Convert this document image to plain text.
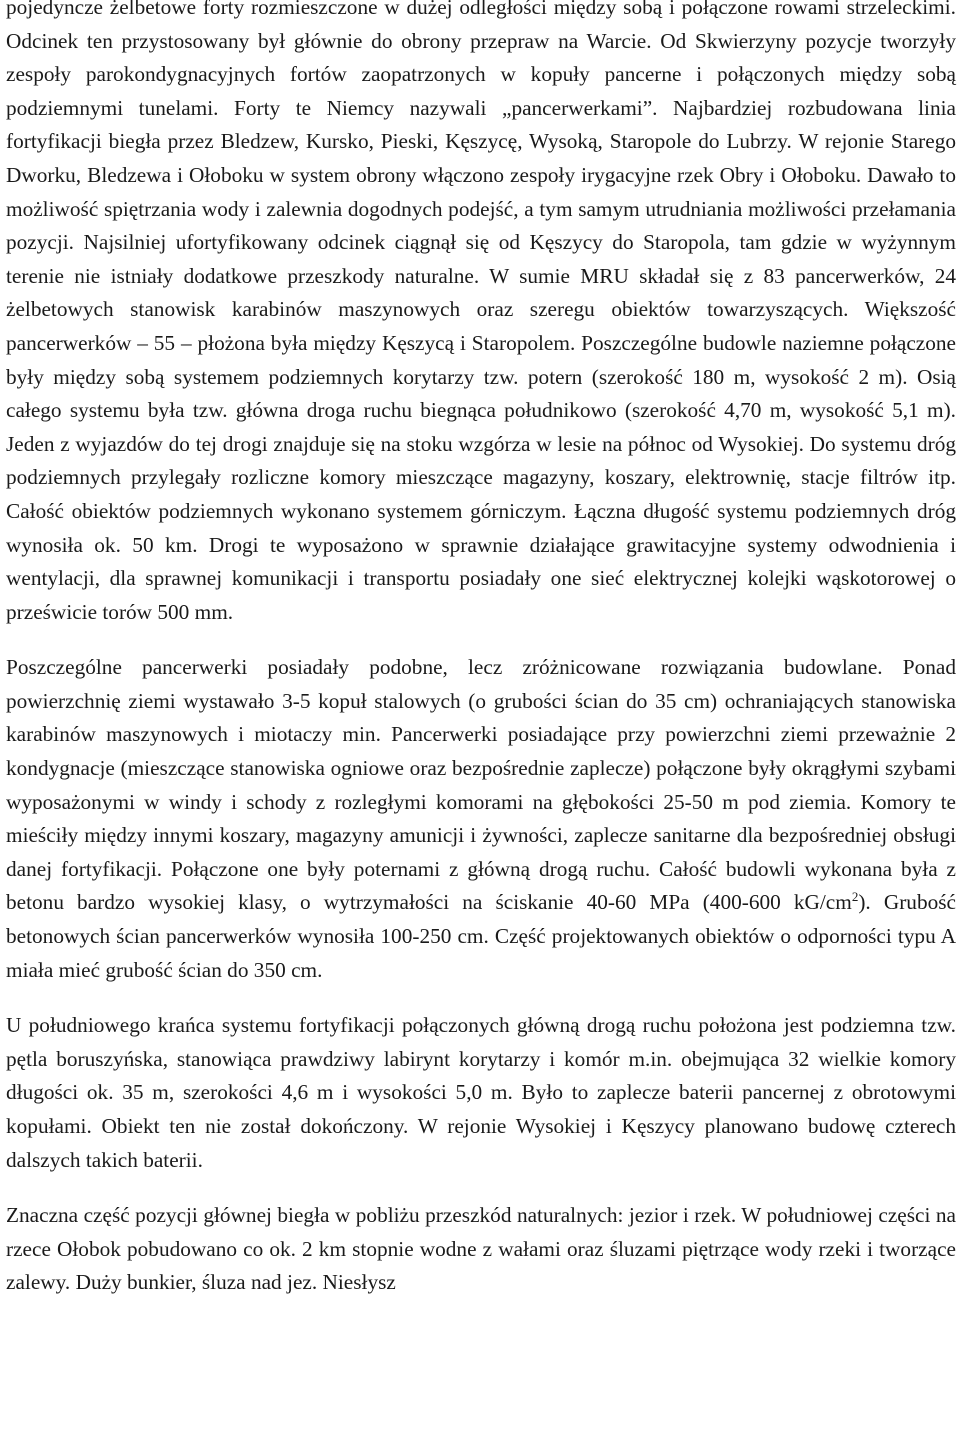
pojedyncze żelbetowe forty rozmieszczone w dużej odległości między sobą i połączone rowami strzeleckimi. Odcinek ten przystosowany był głównie do obrony przepraw na Warcie. Od Skwierzyny pozycje tworzyły zespoły parokondygnacyjnych fortów zaopatrzonych w kopuły pancerne i połączonych między sobą podziemnymi tunelami. Forty te Niemcy nazywali „pancerwerkami”. Najbardziej rozbudowana linia fortyfikacji biegła przez Bledzew, Kursko, Pieski, Kęszycę, Wysoką, Staropole do Lubrzy. W rejonie Starego Dworku, Bledzewa i Ołoboku w system obrony włączono zespoły irygacyjne rzek Obry i Ołoboku. Dawało to możliwość spiętrzania wody i zalewnia dogodnych podejść, a tym samym utrudniania możliwości przełamania pozycji. Najsilniej ufortyfikowany odcinek ciągnął się od Kęszycy do Staropola, tam gdzie w wyżynnym terenie nie istniały dodatkowe przeszkody naturalne. W sumie MRU składał się z 83 pancerwerków, 24 żelbetowych stanowisk karabinów maszynowych oraz szeregu obiektów towarzyszących. Większość pancerwerków – 55 – płożona była między Kęszycą i Staropolem. Poszczególne budowle naziemne połączone były między sobą systemem podziemnych korytarzy tzw. potern (szerokość 180 m, wysokość 2 m). Osią całego systemu była tzw. główna droga ruchu biegnąca południkowo (szerokość 4,70 m, wysokość 5,1 m). Jeden z wyjazdów do tej drogi znajduje się na stoku wzgórza w lesie na północ od Wysokiej. Do systemu dróg podziemnych przylegały rozliczne komory mieszczące magazyny, koszary, elektrownię, stacje filtrów itp. Całość obiektów podziemnych wykonano systemem górniczym. Łączna długość systemu podziemnych dróg wynosiła ok. 50 km. Drogi te wyposażono w sprawnie działające grawitacyjne systemy odwodnienia i wentylacji, dla sprawnej komunikacji i transportu posiadały one sieć elektrycznej kolejki wąskotorowej o prześwicie torów 500 mm.

Poszczególne pancerwerki posiadały podobne, lecz zróżnicowane rozwiązania budowlane. Ponad powierzchnię ziemi wystawało 3-5 kopuł stalowych (o grubości ścian do 35 cm) ochraniających stanowiska karabinów maszynowych i miotaczy min. Pancerwerki posiadające przy powierzchni ziemi przeważnie 2 kondygnacje (mieszczące stanowiska ogniowe oraz bezpośrednie zaplecze) połączone były okrągłymi szybami wyposażonymi w windy i schody z rozległymi komorami na głębokości 25-50 m pod ziemia. Komory te mieściły między innymi koszary, magazyny amunicji i żywności, zaplecze sanitarne dla bezpośredniej obsługi danej fortyfikacji. Połączone one były poternami z główną drogą ruchu. Całość budowli wykonana była z betonu bardzo wysokiej klasy, o wytrzymałości na ściskanie 40-60 MPa (400-600 $kG/cm^2$). Grubość betonowych ścian pancerwerków wynosiła 100-250 cm. Część projektowanych obiektów o odporności typu A miała mieć grubość ścian do 350 cm.

U południowego krańca systemu fortyfikacji połączonych główną drogą ruchu położona jest podziemna tzw. pętla boruszyńska, stanowiąca prawdziwy labirynt korytarzy i komór m.in. obejmująca 32 wielkie komory długości ok. 35 m, szerokości 4,6 m i wysokości 5,0 m. Było to zaplecze baterii pancernej z obrotowymi kopułami. Obiekt ten nie został dokończony. W rejonie Wysokiej i Kęszycy planowano budowę czterech dalszych takich baterii.

Znaczna część pozycji głównej biegła w pobliżu przeszkód naturalnych: jezior i rzek. W południowej części na rzece Ołobok pobudowano co ok. 2 km stopnie wodne z wałami oraz śluzami piętrzące wody rzeki i tworzące zalewy. Duży bunkier, śluza nad jez. Niesłysz
